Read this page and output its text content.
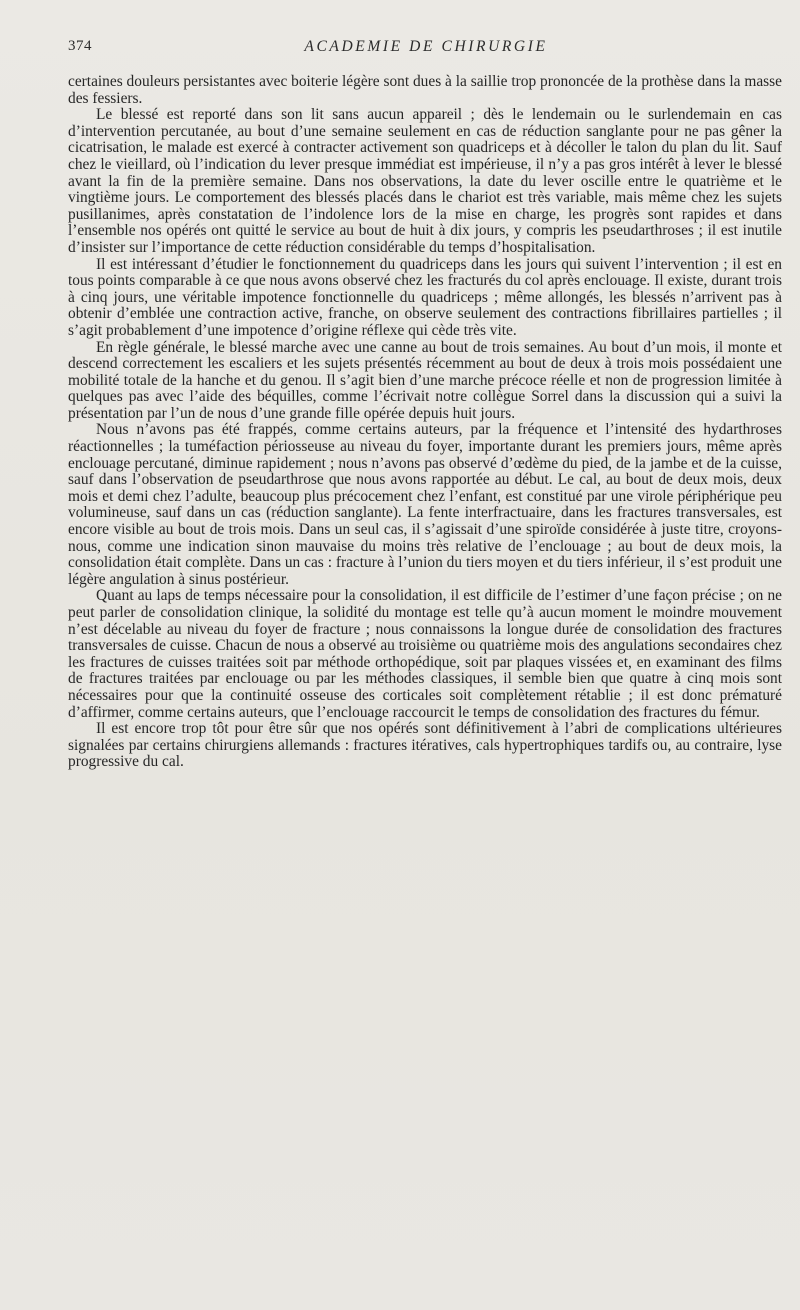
374	ACADEMIE DE CHIRURGIE

certaines douleurs persistantes avec boiterie légère sont dues à la saillie trop prononcée de la prothèse dans la masse des fessiers.

Le blessé est reporté dans son lit sans aucun appareil ; dès le lendemain ou le surlendemain en cas d’intervention percutanée, au bout d’une semaine seulement en cas de réduction sanglante pour ne pas gêner la cicatrisation, le malade est exercé à contracter activement son quadriceps et à décoller le talon du plan du lit. Sauf chez le vieillard, où l’indication du lever presque immédiat est impérieuse, il n’y a pas gros intérêt à lever le blessé avant la fin de la première semaine. Dans nos observations, la date du lever oscille entre le quatrième et le vingtième jours. Le comportement des blessés placés dans le chariot est très variable, mais même chez les sujets pusillanimes, après constatation de l’indolence lors de la mise en charge, les progrès sont rapides et dans l’ensemble nos opérés ont quitté le service au bout de huit à dix jours, y compris les pseudarthroses ; il est inutile d’insister sur l’importance de cette réduction considérable du temps d’hospitalisation.

Il est intéressant d’étudier le fonctionnement du quadriceps dans les jours qui suivent l’intervention ; il est en tous points comparable à ce que nous avons observé chez les fracturés du col après enclouage. Il existe, durant trois à cinq jours, une véritable impotence fonctionnelle du quadriceps ; même allongés, les blessés n’arrivent pas à obtenir d’emblée une contraction active, franche, on observe seulement des contractions fibrillaires partielles ; il s’agit probablement d’une impotence d’origine réflexe qui cède très vite.

En règle générale, le blessé marche avec une canne au bout de trois semaines. Au bout d’un mois, il monte et descend correctement les escaliers et les sujets présentés récemment au bout de deux à trois mois possédaient une mobilité totale de la hanche et du genou. Il s’agit bien d’une marche précoce réelle et non de progression limitée à quelques pas avec l’aide des béquilles, comme l’écrivait notre collègue Sorrel dans la discussion qui a suivi la présentation par l’un de nous d’une grande fille opérée depuis huit jours.

Nous n’avons pas été frappés, comme certains auteurs, par la fréquence et l’intensité des hydarthroses réactionnelles ; la tuméfaction périosseuse au niveau du foyer, importante durant les premiers jours, même après enclouage percutané, diminue rapidement ; nous n’avons pas observé d’œdème du pied, de la jambe et de la cuisse, sauf dans l’observation de pseudarthrose que nous avons rapportée au début. Le cal, au bout de deux mois, deux mois et demi chez l’adulte, beaucoup plus précocement chez l’enfant, est constitué par une virole périphérique peu volumineuse, sauf dans un cas (réduction sanglante). La fente interfractuaire, dans les fractures transversales, est encore visible au bout de trois mois. Dans un seul cas, il s’agissait d’une spiroïde considérée à juste titre, croyons-nous, comme une indication sinon mauvaise du moins très relative de l’enclouage ; au bout de deux mois, la consolidation était complète. Dans un cas : fracture à l’union du tiers moyen et du tiers inférieur, il s’est produit une légère angulation à sinus postérieur.

Quant au laps de temps nécessaire pour la consolidation, il est difficile de l’estimer d’une façon précise ; on ne peut parler de consolidation clinique, la solidité du montage est telle qu’à aucun moment le moindre mouvement n’est décelable au niveau du foyer de fracture ; nous connaissons la longue durée de consolidation des fractures transversales de cuisse. Chacun de nous a observé au troisième ou quatrième mois des angulations secondaires chez les fractures de cuisses traitées soit par méthode orthopédique, soit par plaques vissées et, en examinant des films de fractures traitées par enclouage ou par les méthodes classiques, il semble bien que quatre à cinq mois sont nécessaires pour que la continuité osseuse des corticales soit complètement rétablie ; il est donc prématuré d’affirmer, comme certains auteurs, que l’enclouage raccourcit le temps de consolidation des fractures du fémur.

Il est encore trop tôt pour être sûr que nos opérés sont définitivement à l’abri de complications ultérieures signalées par certains chirurgiens allemands : fractures itératives, cals hypertrophiques tardifs ou, au contraire, lyse progressive du cal.
